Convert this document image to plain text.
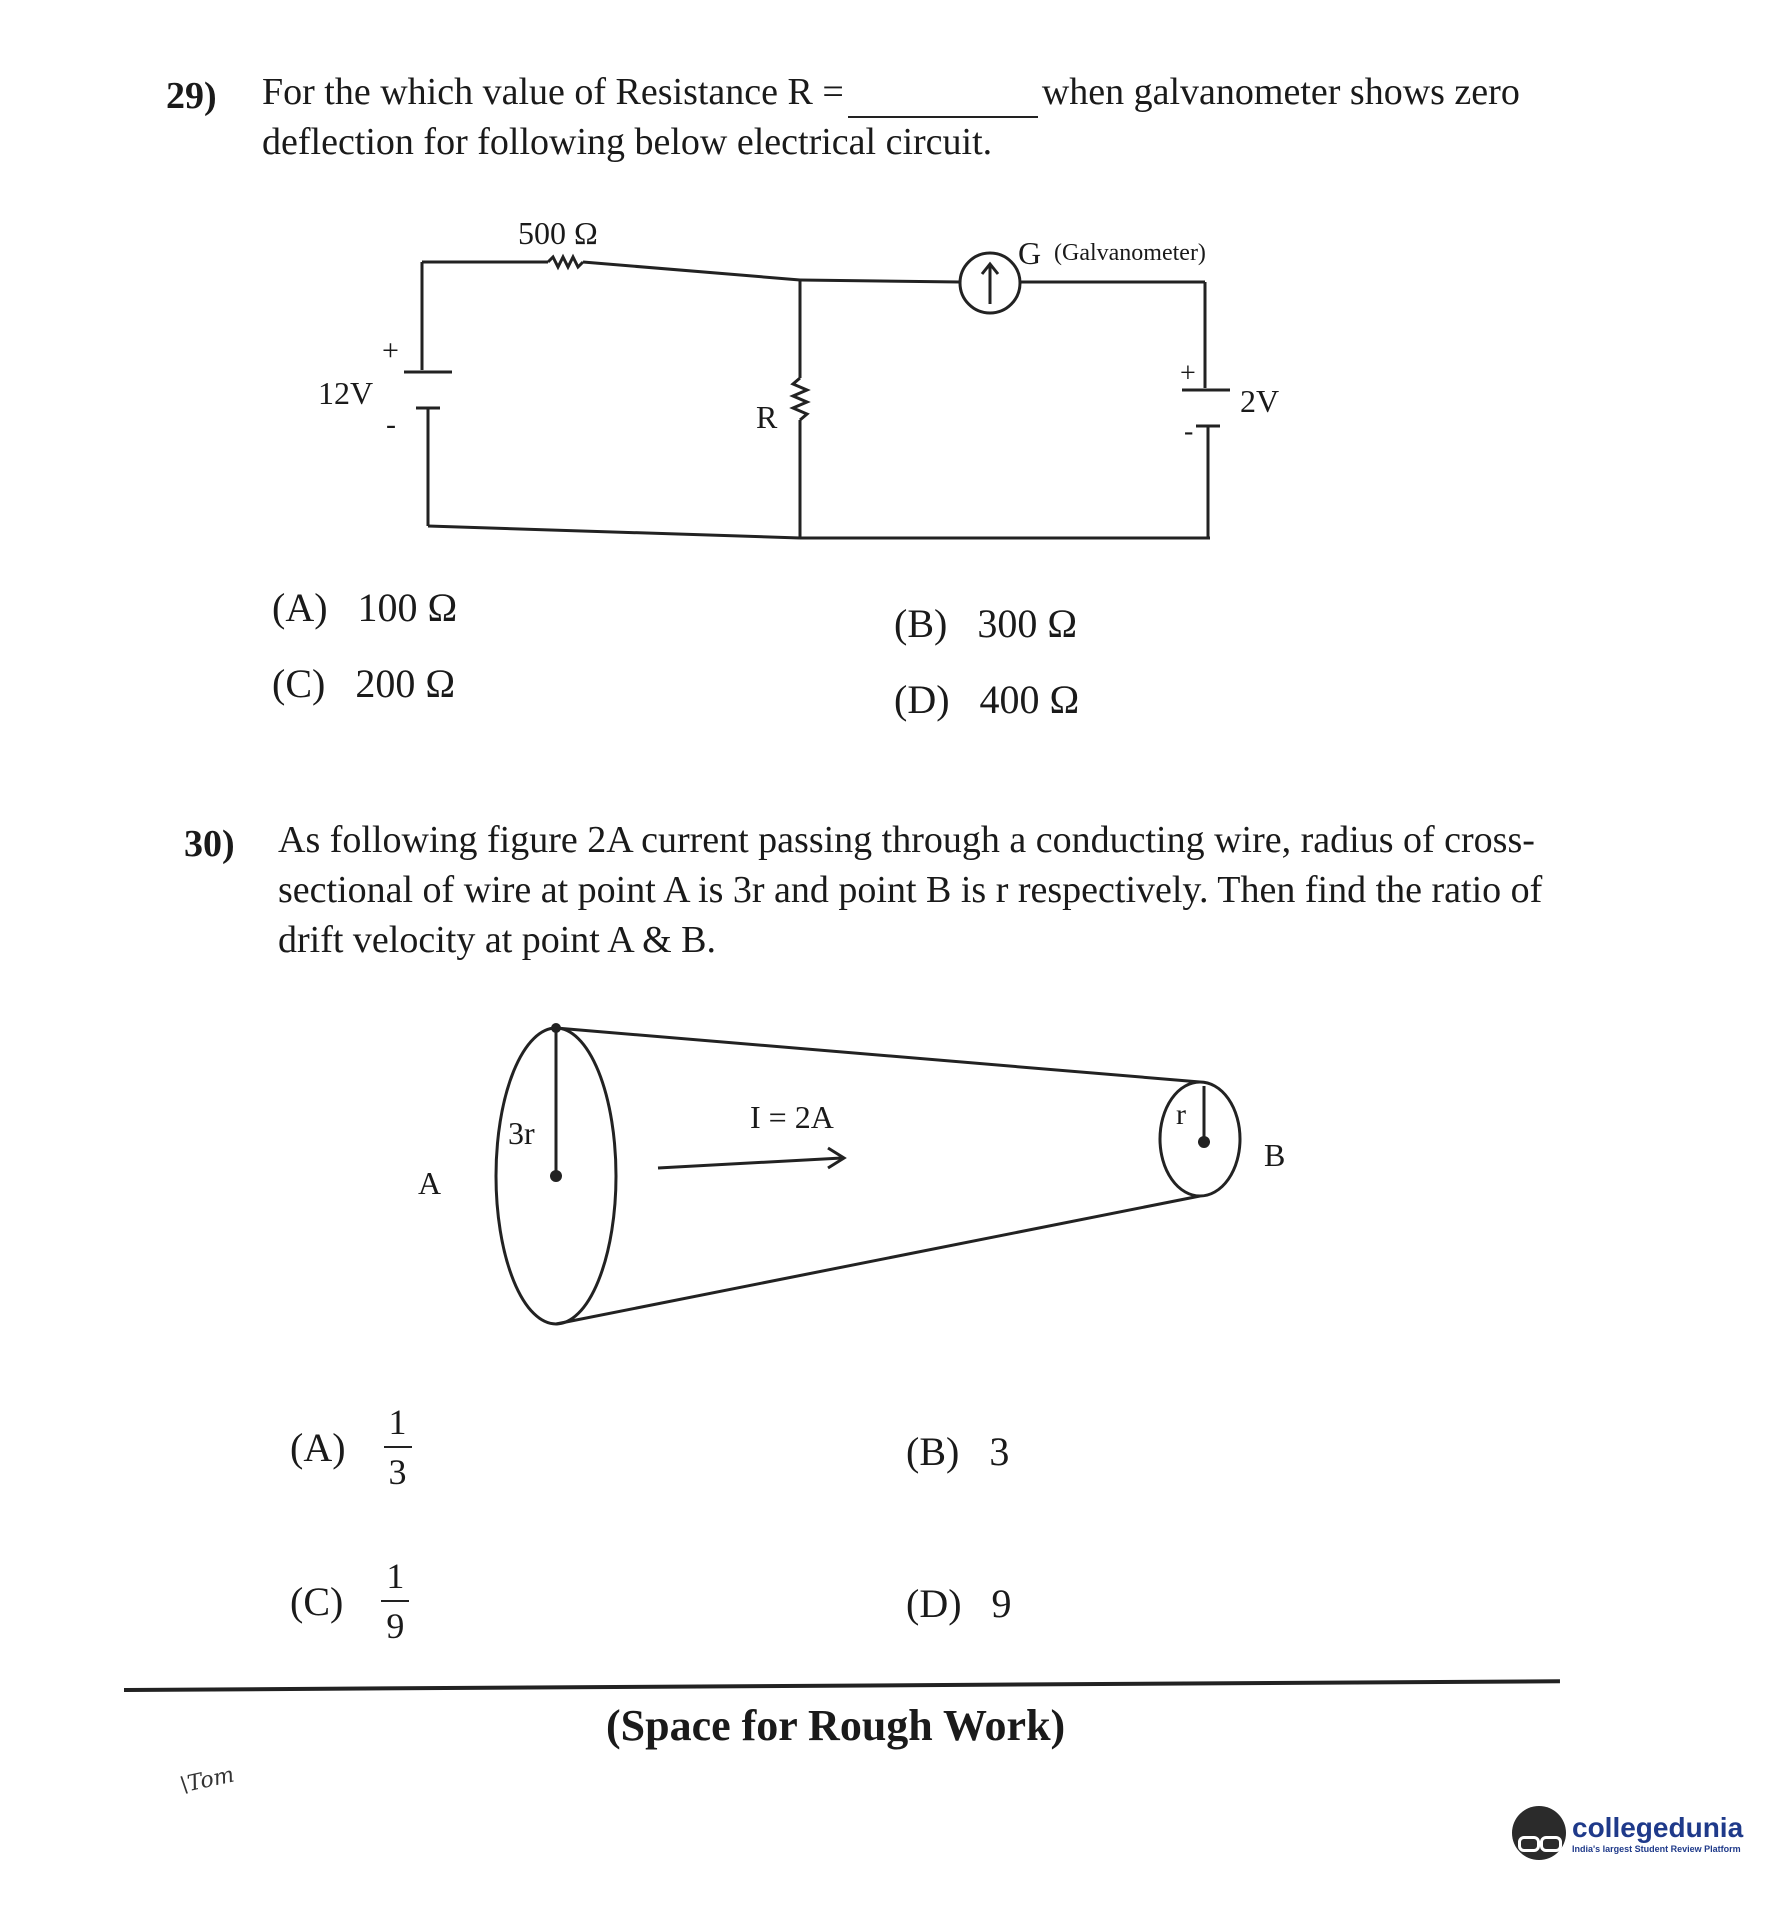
29) For the which value of Resistance R =	when galvanometer shows zero
deflection for following below electrical circuit.
500 Ω
G (Galvanometer)
12V
+
-	R
+
-
2V
(A) 100 Ω	(B) 300 Ω
(C) 200 Ω	(D) 400 Ω
30) As following figure 2A current passing through a conducting wire, radius of cross-
sectional of wire at point A is 3r and point B is r respectively. Then find the ratio of
drift velocity at point A & B.
3r
r
I = 2A
A
B
$(A) \frac{1}{3}$	(B) 3
$(C) \frac{1}{9}$	(D) 9
(Space for Rough Work)
\Tom
collegedunia
India's largest Student Review Platform
